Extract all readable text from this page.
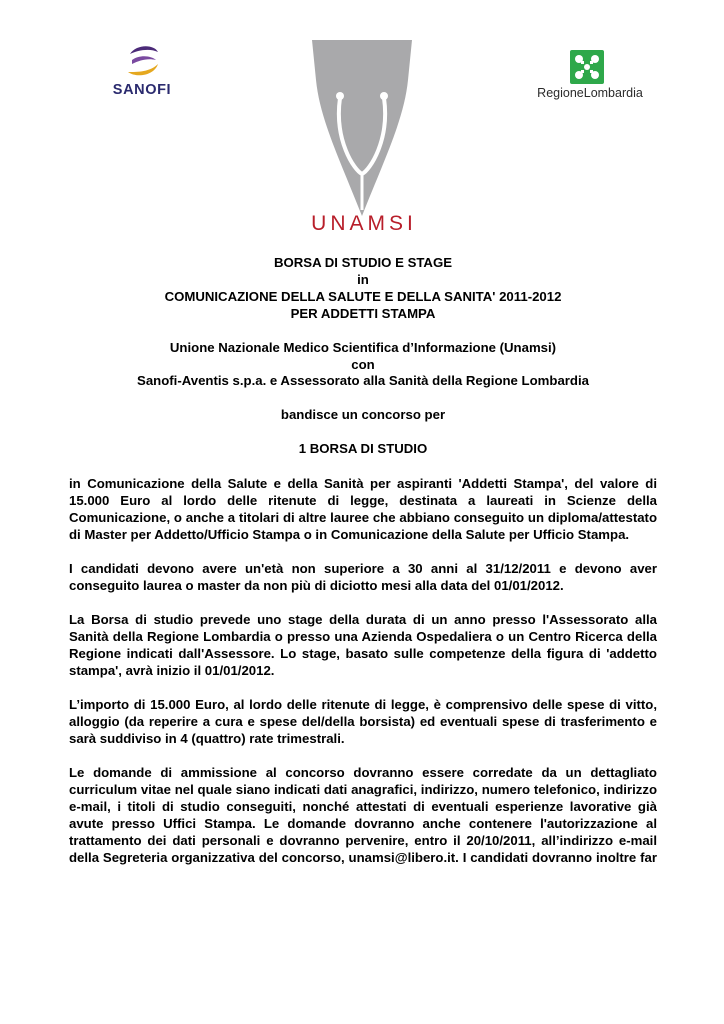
SANOFI
UNAMSI
RegioneLombardia

BORSA DI STUDIO E STAGE

in

COMUNICAZIONE DELLA SALUTE E DELLA SANITA' 2011-2012

PER ADDETTI STAMPA

Unione Nazionale Medico Scientifica d’Informazione (Unamsi)

con

Sanofi-Aventis s.p.a. e Assessorato alla Sanità della Regione Lombardia

bandisce un concorso per

1 BORSA DI STUDIO

in Comunicazione della Salute e della Sanità per aspiranti 'Addetti Stampa', del valore di 15.000 Euro al lordo delle ritenute di legge, destinata a laureati in Scienze della Comunicazione, o anche a titolari di altre lauree che abbiano conseguito un diploma/attestato di Master per Addetto/Ufficio Stampa o in Comunicazione della Salute per Ufficio Stampa.

I candidati devono avere un'età non superiore a 30 anni al 31/12/2011 e devono aver conseguito laurea o master da non più di diciotto mesi alla data del 01/01/2012.

La Borsa di studio prevede uno stage della durata di un anno presso l'Assessorato alla Sanità della Regione Lombardia o presso una Azienda Ospedaliera o un Centro Ricerca della Regione indicati dall'Assessore. Lo stage, basato sulle competenze della figura di 'addetto stampa', avrà inizio il 01/01/2012.

L’importo di 15.000 Euro, al lordo delle ritenute di legge, è comprensivo delle spese di vitto, alloggio (da reperire a cura e spese del/della borsista) ed eventuali spese di trasferimento e sarà suddiviso in 4 (quattro) rate trimestrali.

Le domande di ammissione al concorso dovranno essere corredate da un dettagliato curriculum vitae nel quale siano indicati dati anagrafici, indirizzo, numero telefonico, indirizzo e-mail, i titoli di studio conseguiti, nonché attestati di eventuali esperienze lavorative già avute presso Uffici Stampa. Le domande dovranno anche contenere l'autorizzazione al trattamento dei dati personali e dovranno pervenire, entro il 20/10/2011, all’indirizzo e-mail della Segreteria organizzativa del concorso, unamsi@libero.it. I candidati dovranno inoltre far
